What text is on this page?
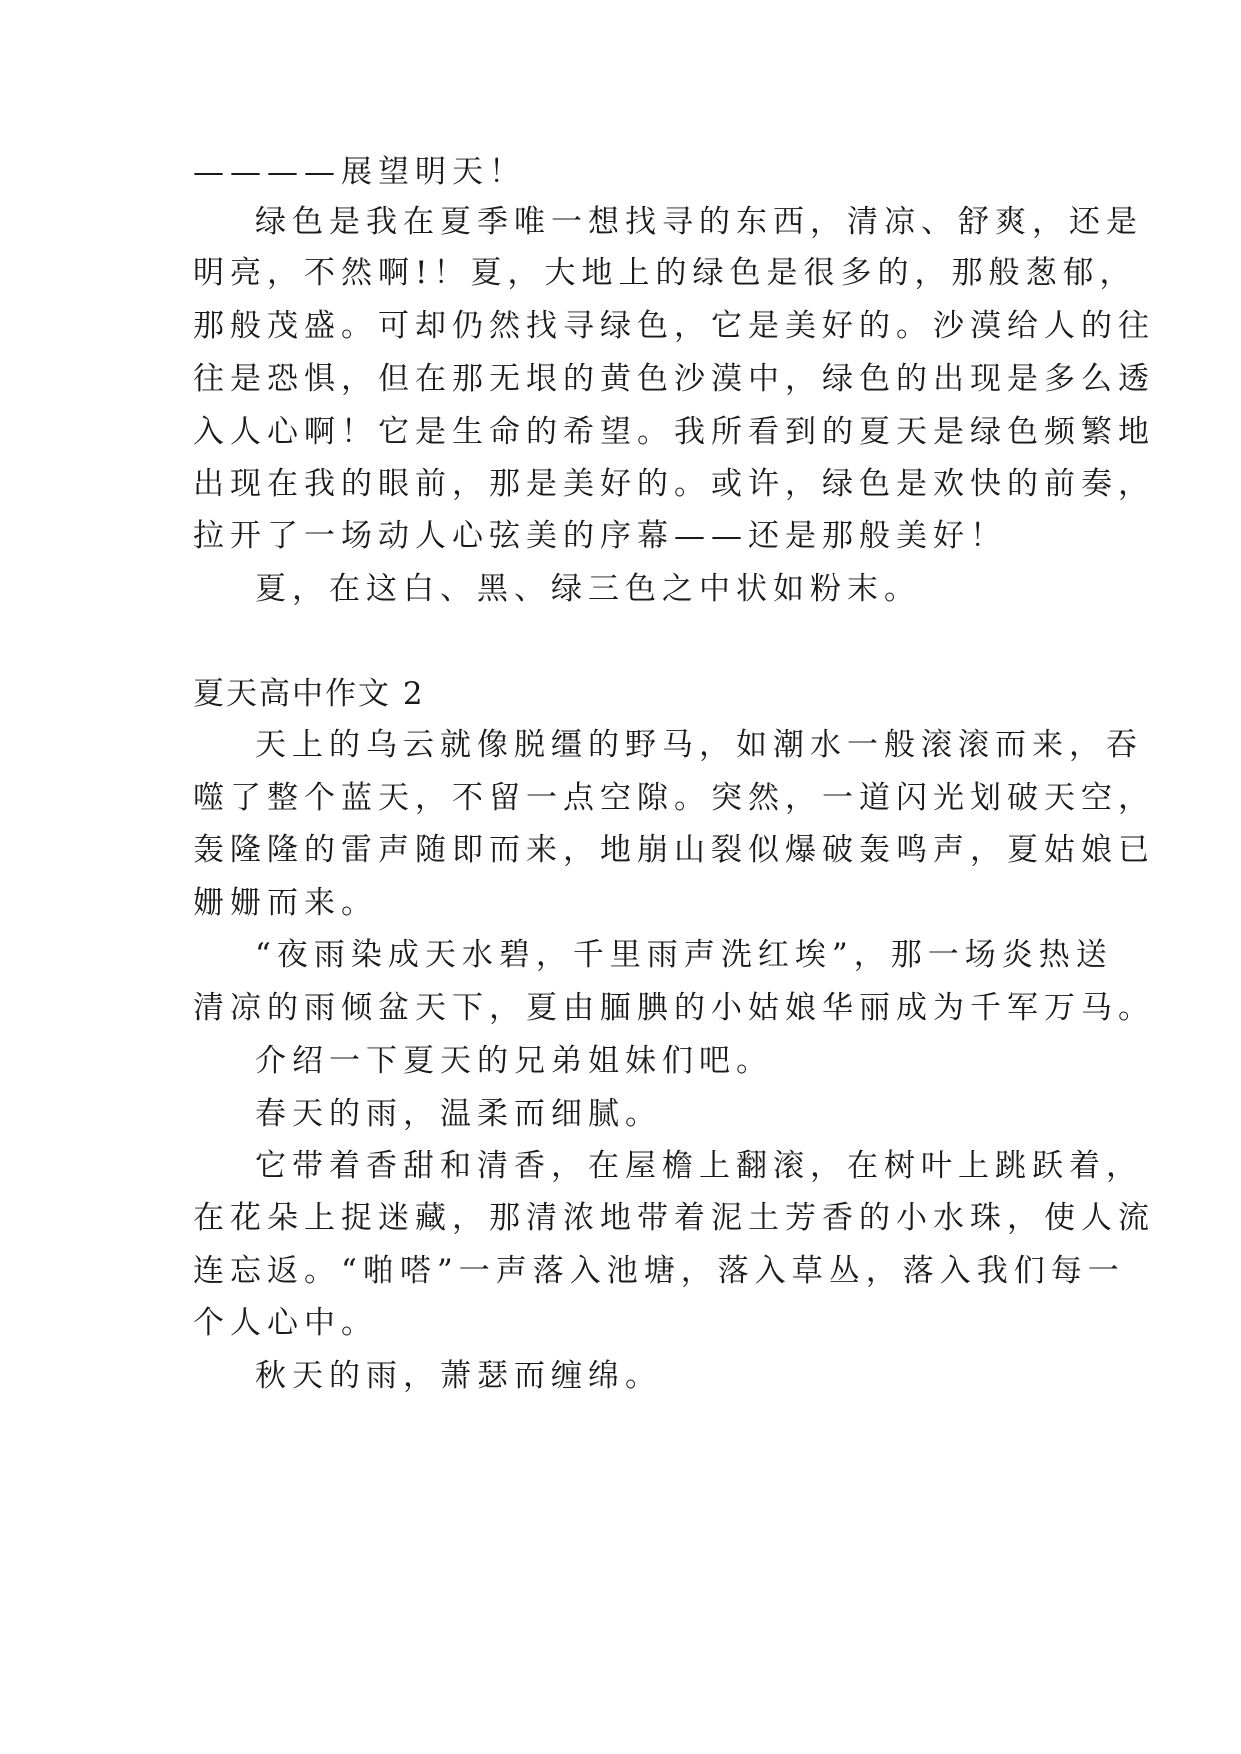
————展望明天！
绿色是我在夏季唯一想找寻的东西，清凉、舒爽，还是
明亮，不然啊!！夏，大地上的绿色是很多的，那般葱郁，
那般茂盛。可却仍然找寻绿色，它是美好的。沙漠给人的往
往是恐惧，但在那无垠的黄色沙漠中，绿色的出现是多么透
入人心啊！它是生命的希望。我所看到的夏天是绿色频繁地
出现在我的眼前，那是美好的。或许，绿色是欢快的前奏，
拉开了一场动人心弦美的序幕——还是那般美好！
夏，在这白、黑、绿三色之中状如粉末。
夏天高中作文 2
天上的乌云就像脱缰的野马，如潮水一般滚滚而来，吞
噬了整个蓝天，不留一点空隙。突然，一道闪光划破天空，
轰隆隆的雷声随即而来，地崩山裂似爆破轰鸣声，夏姑娘已
姗姗而来。
“夜雨染成天水碧，千里雨声洗红埃”，那一场炎热送
清凉的雨倾盆天下，夏由腼腆的小姑娘华丽成为千军万马。
介绍一下夏天的兄弟姐妹们吧。
春天的雨，温柔而细腻。
它带着香甜和清香，在屋檐上翻滚，在树叶上跳跃着，
在花朵上捉迷藏，那清浓地带着泥土芳香的小水珠，使人流
连忘返。“啪嗒”一声落入池塘，落入草丛，落入我们每一
个人心中。
秋天的雨，萧瑟而缠绵。
